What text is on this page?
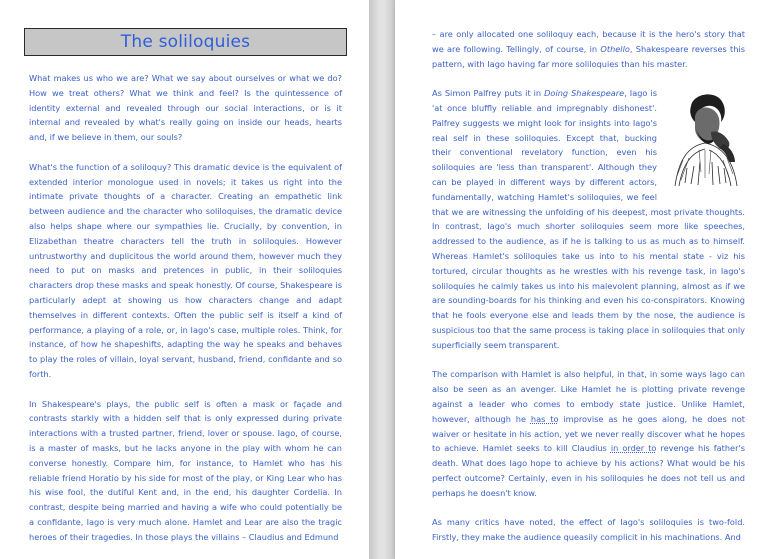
The soliloquies

What makes us who we are? What we say about ourselves or what we do? How we treat others? What we think and feel? Is the quintessence of identity external and revealed through our social interactions, or is it internal and revealed by what's really going on inside our heads, hearts and, if we believe in them, our souls?

What's the function of a soliloquy? This dramatic device is the equivalent of extended interior monologue used in novels; it takes us right into the intimate private thoughts of a character. Creating an empathetic link between audience and the character who soliloquises, the dramatic device also helps shape where our sympathies lie. Crucially, by convention, in Elizabethan theatre characters tell the truth in soliloquies. However untrustworthy and duplicitous the world around them, however much they need to put on masks and pretences in public, in their soliloquies characters drop these masks and speak honestly. Of course, Shakespeare is particularly adept at showing us how characters change and adapt themselves in different contexts. Often the public self is itself a kind of performance, a playing of a role, or, in Iago's case, multiple roles. Think, for instance, of how he shapeshifts, adapting the way he speaks and behaves to play the roles of villain, loyal servant, husband, friend, confidante and so forth.

In Shakespeare's plays, the public self is often a mask or façade and contrasts starkly with a hidden self that is only expressed during private interactions with a trusted partner, friend, lover or spouse. Iago, of course, is a master of masks, but he lacks anyone in the play with whom he can converse honestly. Compare him, for instance, to Hamlet who has his reliable friend Horatio by his side for most of the play, or King Lear who has his wise fool, the dutiful Kent and, in the end, his daughter Cordelia. In contrast, despite being married and having a wife who could potentially be a confidante, Iago is very much alone. Hamlet and Lear are also the tragic heroes of their tragedies. In those plays the villains – Claudius and Edmund

– are only allocated one soliloquy each, because it is the hero's story that we are following. Tellingly, of course, in Othello, Shakespeare reverses this pattern, with Iago having far more soliloquies than his master.

As Simon Palfrey puts it in Doing Shakespeare
, Iago is 'at once bluffly reliable and impregnably dishonest'. Palfrey suggests we might look for insights into Iago's real self in these soliloquies. Except that, bucking their conventional revelatory function, even his soliloquies are 'less than transparent'. Although they can be played in different ways by different actors, fundamentally, watching Hamlet's soliloquies, we feel that we are witnessing the unfolding of his deepest, most private thoughts. In contrast, Iago's much shorter soliloquies seem more like speeches, addressed to the audience, as if he is talking to us as much as to himself. Whereas Hamlet's soliloquies take us into to his mental state - viz his tortured, circular thoughts as he wrestles with his revenge task, in Iago's soliloquies he calmly takes us into his malevolent planning, almost as if we are sounding-boards for his thinking and even his co-conspirators. Knowing that he fools everyone else and leads them by the nose, the audience is suspicious too that the same process is taking place in soliloquies that only superficially seem transparent.

The comparison with Hamlet is also helpful, in that, in some ways Iago can also be seen as an avenger. Like Hamlet he is plotting private revenge against a leader who comes to embody state justice. Unlike Hamlet, however, although he has to improvise as he goes along, he does not waiver or hesitate in his action, yet we never really discover what he hopes to achieve. Hamlet seeks to kill Claudius in order to revenge his father's death. What does Iago hope to achieve by his actions? What would be his perfect outcome? Certainly, even in his soliloquies he does not tell us and perhaps he doesn't know.

As many critics have noted, the effect of Iago's soliloquies is two-fold. Firstly, they make the audience queasily complicit in his machinations. And
